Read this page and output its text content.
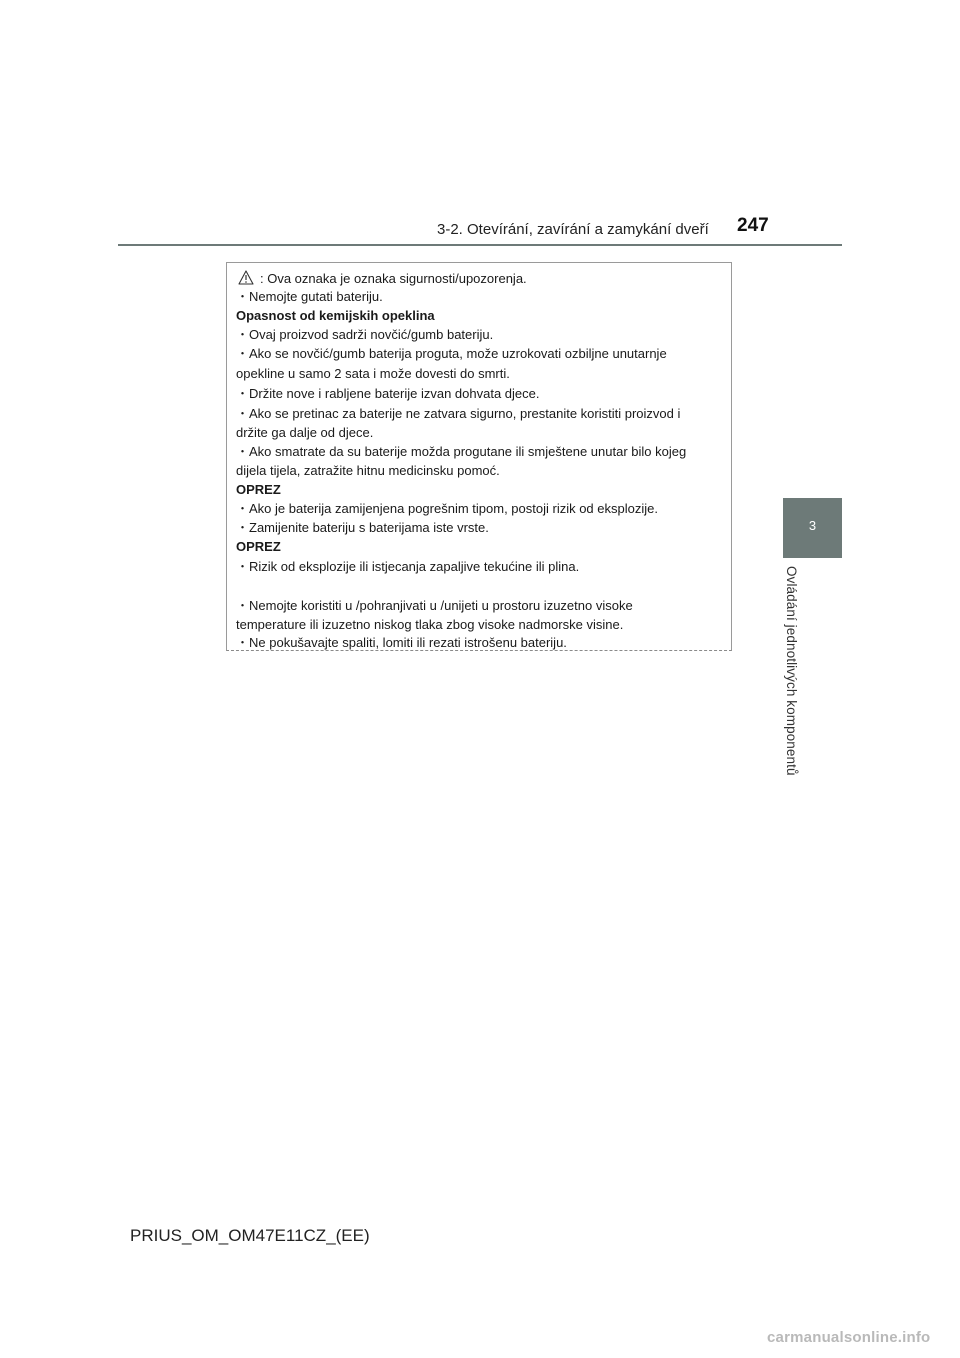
3-2. Otevírání, zavírání a zamykání dveří 247
3
Ovládání jednotlivých komponentů
: Ova oznaka je oznaka sigurnosti/upozorenja.
・Nemojte gutati bateriju.
Opasnost od kemijskih opeklina
・Ovaj proizvod sadrži novčić/gumb bateriju.
・Ako se novčić/gumb baterija proguta, može uzrokovati ozbiljne unutarnje
opekline u samo 2 sata i može dovesti do smrti.
・Držite nove i rabljene baterije izvan dohvata djece.
・Ako se pretinac za baterije ne zatvara sigurno, prestanite koristiti proizvod i
držite ga dalje od djece.
・Ako smatrate da su baterije možda progutane ili smještene unutar bilo kojeg
dijela tijela, zatražite hitnu medicinsku pomoć.
OPREZ
・Ako je baterija zamijenjena pogrešnim tipom, postoji rizik od eksplozije.
・Zamijenite bateriju s baterijama iste vrste.
OPREZ
・Rizik od eksplozije ili istjecanja zapaljive tekućine ili plina.
・Nemojte koristiti u /pohranjivati u /unijeti u prostoru izuzetno visoke
temperature ili izuzetno niskog tlaka zbog visoke nadmorske visine.
・Ne pokušavajte spaliti, lomiti ili rezati istrošenu bateriju.
PRIUS_OM_OM47E11CZ_(EE)
carmanualsonline.info
